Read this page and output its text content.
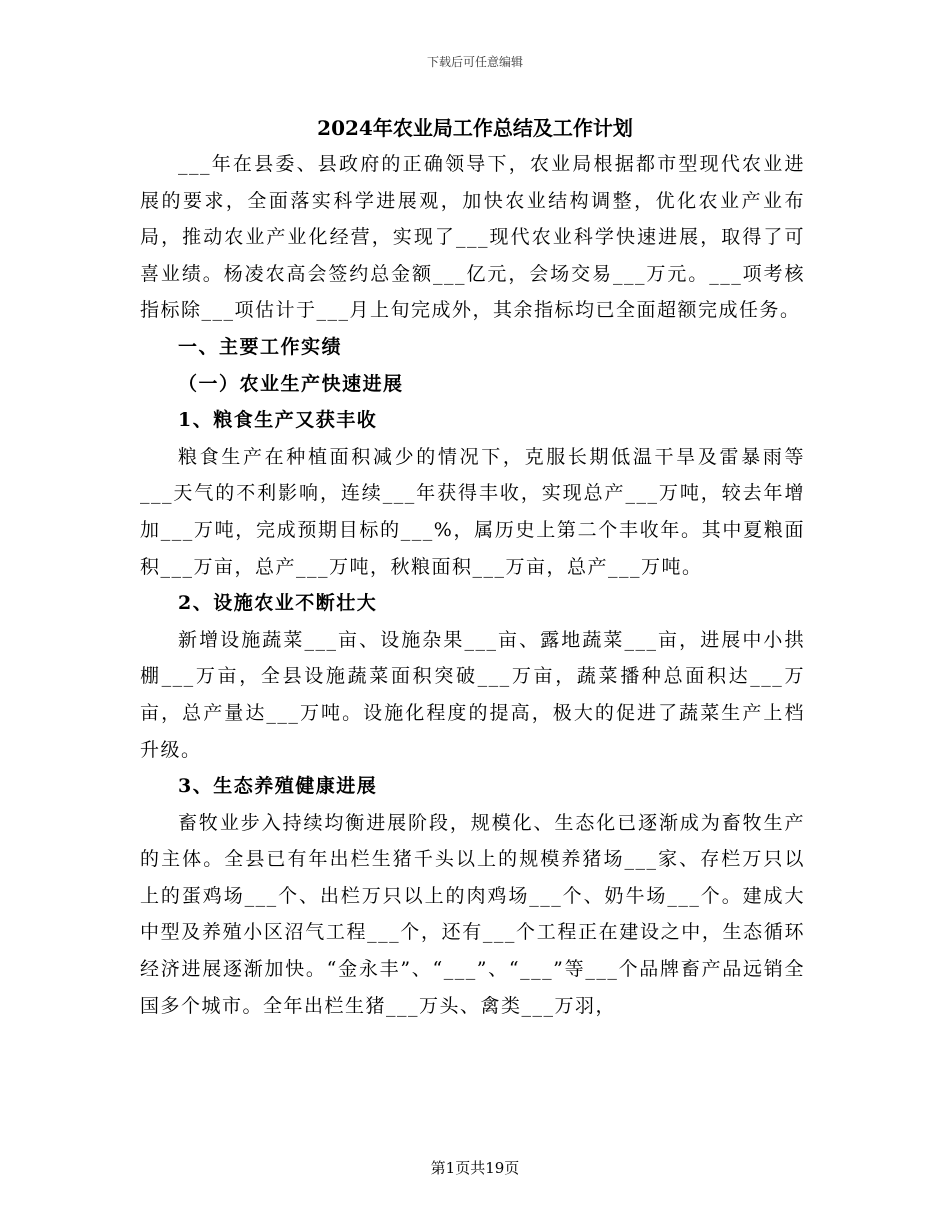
下载后可任意编辑
2024年农业局工作总结及工作计划

___年在县委、县政府的正确领导下，农业局根据都市型现代农业进展的要求，全面落实科学进展观，加快农业结构调整，优化农业产业布局，推动农业产业化经营，实现了___现代农业科学快速进展，取得了可喜业绩。杨凌农高会签约总金额___亿元，会场交易___万元。___项考核指标除___项估计于___月上旬完成外，其余指标均已全面超额完成任务。

一、主要工作实绩
（一）农业生产快速进展
1、粮食生产又获丰收

粮食生产在种植面积减少的情况下，克服长期低温干旱及雷暴雨等___天气的不利影响，连续___年获得丰收，实现总产___万吨，较去年增加___万吨，完成预期目标的___%，属历史上第二个丰收年。其中夏粮面积___万亩，总产___万吨，秋粮面积___万亩，总产___万吨。

2、设施农业不断壮大

新增设施蔬菜___亩、设施杂果___亩、露地蔬菜___亩，进展中小拱棚___万亩，全县设施蔬菜面积突破___万亩，蔬菜播种总面积达___万亩，总产量达___万吨。设施化程度的提高，极大的促进了蔬菜生产上档升级。

3、生态养殖健康进展

畜牧业步入持续均衡进展阶段，规模化、生态化已逐渐成为畜牧生产的主体。全县已有年出栏生猪千头以上的规模养猪场___家、存栏万只以上的蛋鸡场___个、出栏万只以上的肉鸡场___个、奶牛场___个。建成大中型及养殖小区沼气工程___个，还有___个工程正在建设之中，生态循环经济进展逐渐加快。“金永丰”、“___”、“___”等___个品牌畜产品远销全国多个城市。全年出栏生猪___万头、禽类___万羽，

第1页共19页
